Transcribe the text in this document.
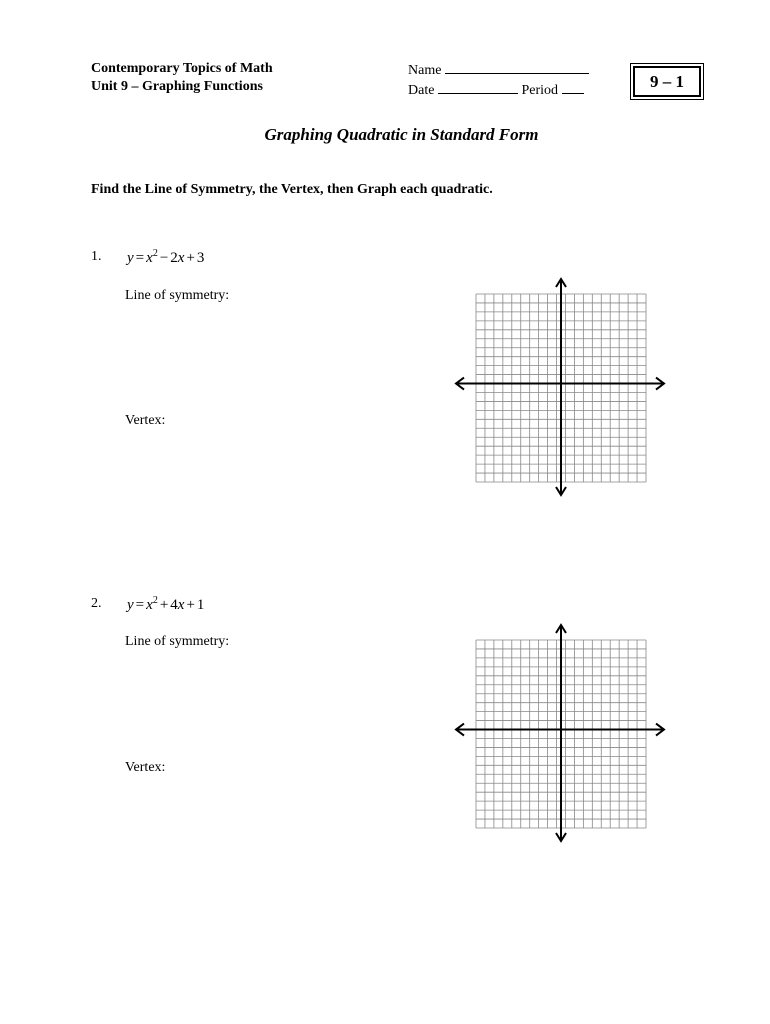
Contemporary Topics of Math
Unit 9 – Graphing Functions
Name
Date	Period	9 – 1
Graphing Quadratic in Standard Form
Find the Line of Symmetry, the Vertex, then Graph each quadratic.
1. $y = x^2 - 2x + 3$
Line of symmetry:
Vertex:
2. $y = x^2 + 4x + 1$
Line of symmetry:
Vertex:
